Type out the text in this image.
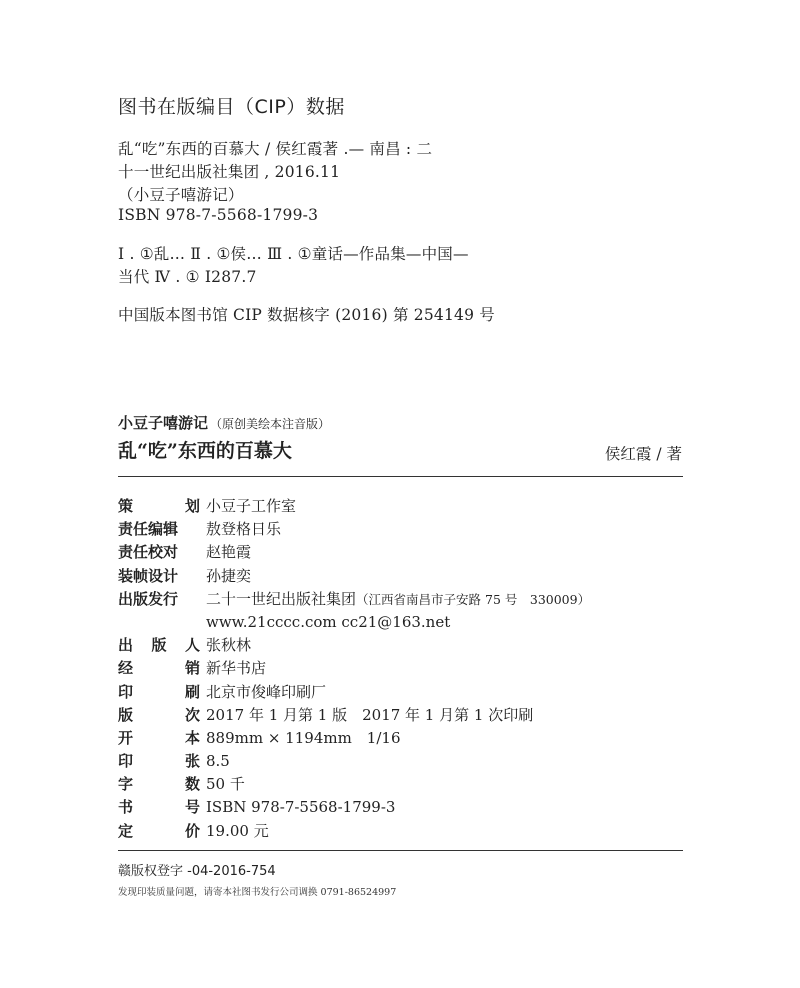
图书在版编目（CIP）数据
乱“吃”东西的百慕大 / 侯红霞著 .— 南昌 : 二
十一世纪出版社集团 , 2016.11
（小豆子嘻游记）
ISBN 978-7-5568-1799-3
Ⅰ . ①乱… Ⅱ . ①侯… Ⅲ . ①童话—作品集—中国—
当代 Ⅳ . ① I287.7
中国版本图书馆 CIP 数据核字 (2016) 第 254149 号
小豆子嘻游记 （原创美绘本注音版）
乱“吃”东西的百慕大	侯红霞 / 著
策	划 小豆子工作室
责任编辑 敖登格日乐
责任校对 赵艳霞
装帧设计 孙捷奕
出版发行 二十一世纪出版社集团（江西省南昌市子安路 75 号　330009）
www.21cccc.com cc21@163.net
出 版 人 张秋林
经	销 新华书店
印	刷 北京市俊峰印刷厂
版	次 2017 年 1 月第 1 版　2017 年 1 月第 1 次印刷
开	本 889mm × 1194mm　1/16
印	张 8.5
字	数 50 千
书	号 ISBN 978-7-5568-1799-3
定	价 19.00 元
赣版权登字 -04-2016-754
发现印装质量问题，请寄本社图书发行公司调换 0791-86524997
